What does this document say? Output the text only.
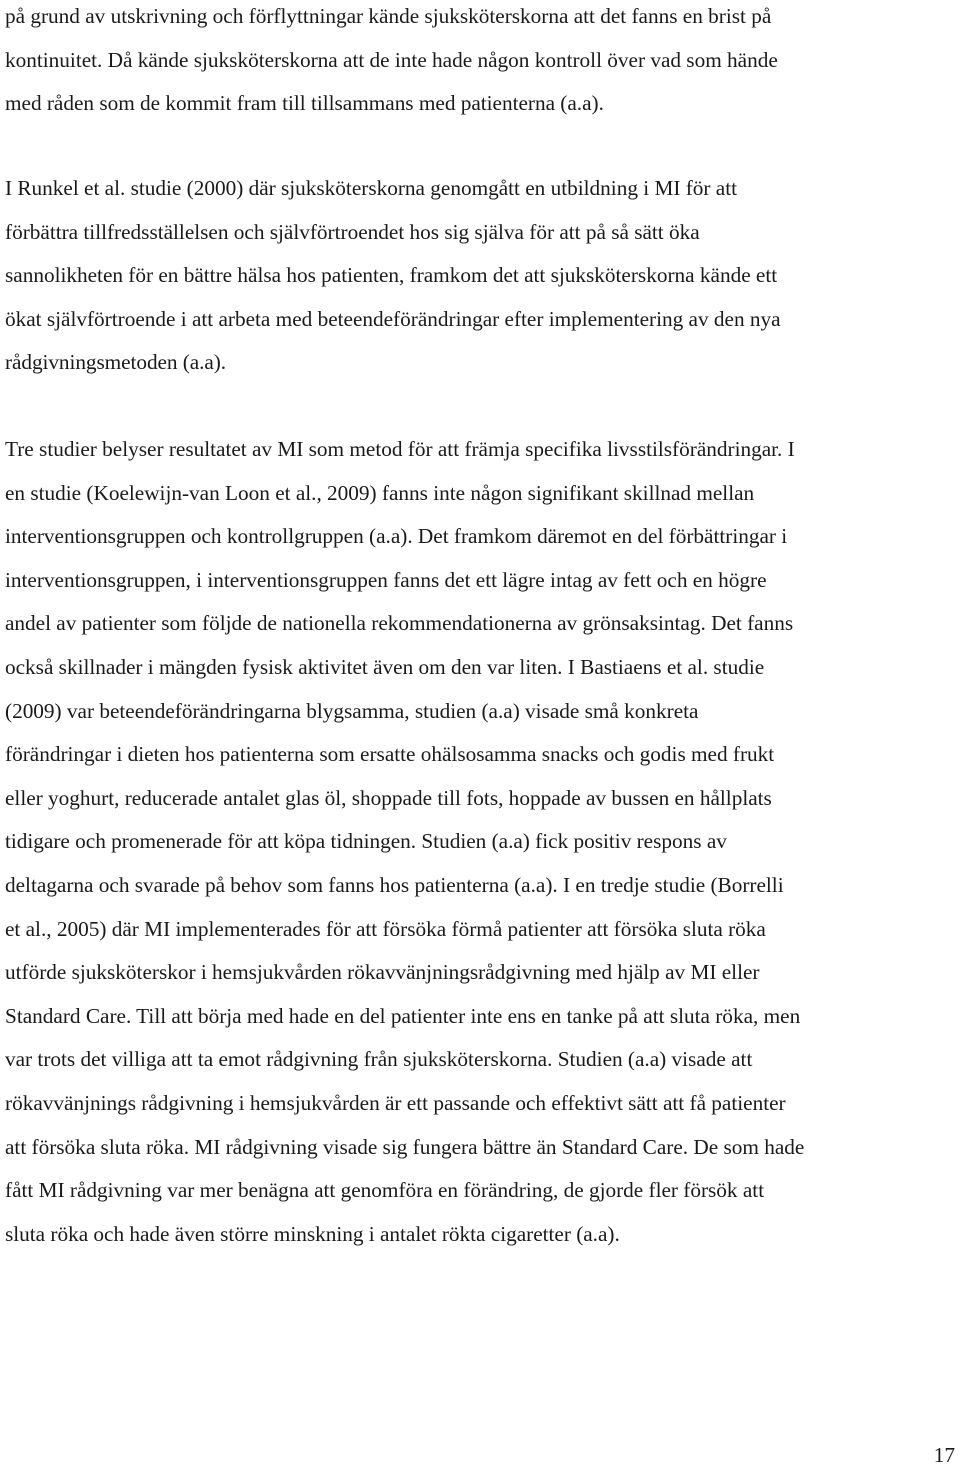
på grund av utskrivning och förflyttningar kände sjuksköterskorna att det fanns en brist på
kontinuitet. Då kände sjuksköterskorna att de inte hade någon kontroll över vad som hände
med råden som de kommit fram till tillsammans med patienterna (a.a).
I Runkel et al. studie (2000) där sjuksköterskorna genomgått en utbildning i MI för att
förbättra tillfredsställelsen och självförtroendet hos sig själva för att på så sätt öka
sannolikheten för en bättre hälsa hos patienten, framkom det att sjuksköterskorna kände ett
ökat självförtroende i att arbeta med beteendeförändringar efter implementering av den nya
rådgivningsmetoden (a.a).
Tre studier belyser resultatet av MI som metod för att främja specifika livsstilsförändringar. I
en studie (Koelewijn-van Loon et al., 2009) fanns inte någon signifikant skillnad mellan
interventionsgruppen och kontrollgruppen (a.a). Det framkom däremot en del förbättringar i
interventionsgruppen, i interventionsgruppen fanns det ett lägre intag av fett och en högre
andel av patienter som följde de nationella rekommendationerna av grönsaksintag. Det fanns
också skillnader i mängden fysisk aktivitet även om den var liten. I Bastiaens et al. studie
(2009) var beteendeförändringarna blygsamma, studien (a.a) visade små konkreta
förändringar i dieten hos patienterna som ersatte ohälsosamma snacks och godis med frukt
eller yoghurt, reducerade antalet glas öl, shoppade till fots, hoppade av bussen en hållplats
tidigare och promenerade för att köpa tidningen. Studien (a.a) fick positiv respons av
deltagarna och svarade på behov som fanns hos patienterna (a.a). I en tredje studie (Borrelli
et al., 2005) där MI implementerades för att försöka förmå patienter att försöka sluta röka
utförde sjuksköterskor i hemsjukvården rökavvänjningsrådgivning med hjälp av MI eller
Standard Care. Till att börja med hade en del patienter inte ens en tanke på att sluta röka, men
var trots det villiga att ta emot rådgivning från sjuksköterskorna. Studien (a.a) visade att
rökavvänjnings rådgivning i hemsjukvården är ett passande och effektivt sätt att få patienter
att försöka sluta röka. MI rådgivning visade sig fungera bättre än Standard Care. De som hade
fått MI rådgivning var mer benägna att genomföra en förändring, de gjorde fler försök att
sluta röka och hade även större minskning i antalet rökta cigaretter (a.a).
17
